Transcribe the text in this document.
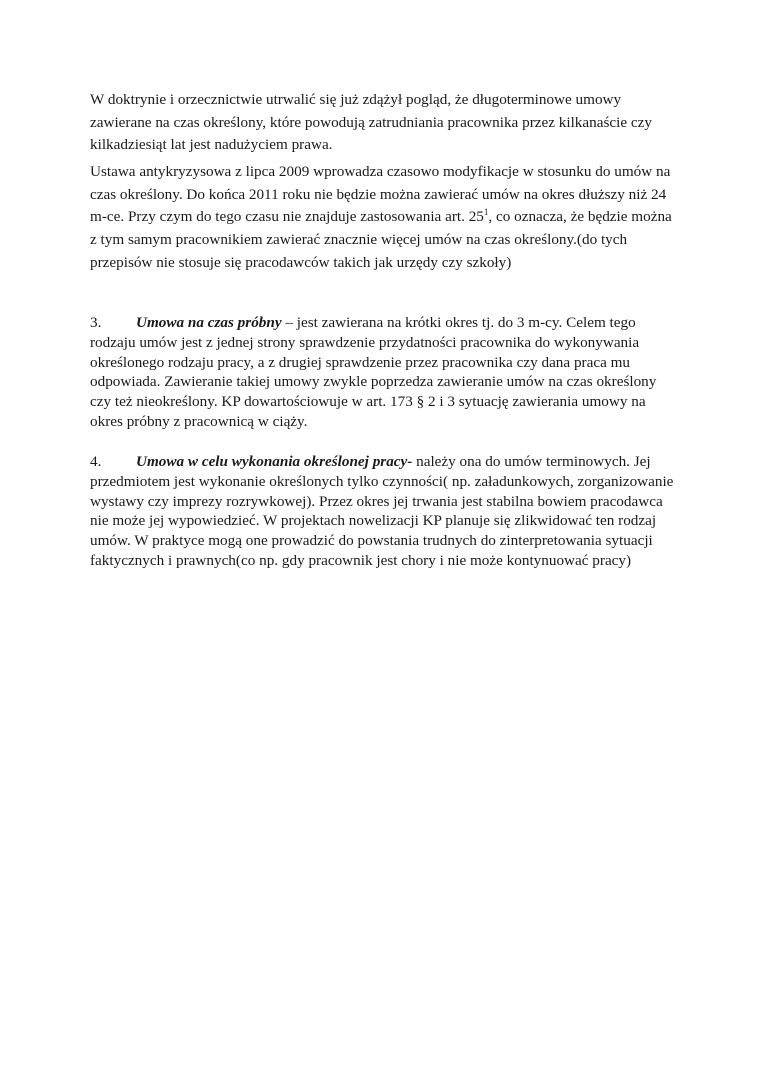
W doktrynie i orzecznictwie utrwalić się już zdążył pogląd, że długoterminowe umowy zawierane na czas określony, które powodują zatrudniania pracownika przez kilkanaście czy kilkadziesiąt lat jest nadużyciem prawa.

Ustawa antykryzysowa z lipca 2009 wprowadza czasowo modyfikacje w stosunku do umów na czas określony. Do końca 2011 roku nie będzie można zawierać umów na okres dłuższy niż 24 m-ce. Przy czym do tego czasu nie znajduje zastosowania art. $25^1$, co oznacza, że będzie można z tym samym pracownikiem zawierać znacznie więcej umów na czas określony.(do tych przepisów nie stosuje się pracodawców takich jak urzędy czy szkoły)

3. Umowa na czas próbny – jest zawierana na krótki okres tj. do 3 m-cy. Celem tego rodzaju umów jest z jednej strony sprawdzenie przydatności pracownika do wykonywania określonego rodzaju pracy, a z drugiej sprawdzenie przez pracownika czy dana praca mu odpowiada. Zawieranie takiej umowy zwykle poprzedza zawieranie umów na czas określony czy też nieokreślony. KP dowartościowuje w art. 173 § 2 i 3 sytuację zawierania umowy na okres próbny z pracownicą w ciąży.

4. Umowa w celu wykonania określonej pracy- należy ona do umów terminowych. Jej przedmiotem jest wykonanie określonych tylko czynności( np. załadunkowych, zorganizowanie wystawy czy imprezy rozrywkowej). Przez okres jej trwania jest stabilna bowiem pracodawca nie może jej wypowiedzieć. W projektach nowelizacji KP planuje się zlikwidować ten rodzaj umów. W praktyce mogą one prowadzić do powstania trudnych do zinterpretowania sytuacji faktycznych i prawnych(co np. gdy pracownik jest chory i nie może kontynuować pracy)
